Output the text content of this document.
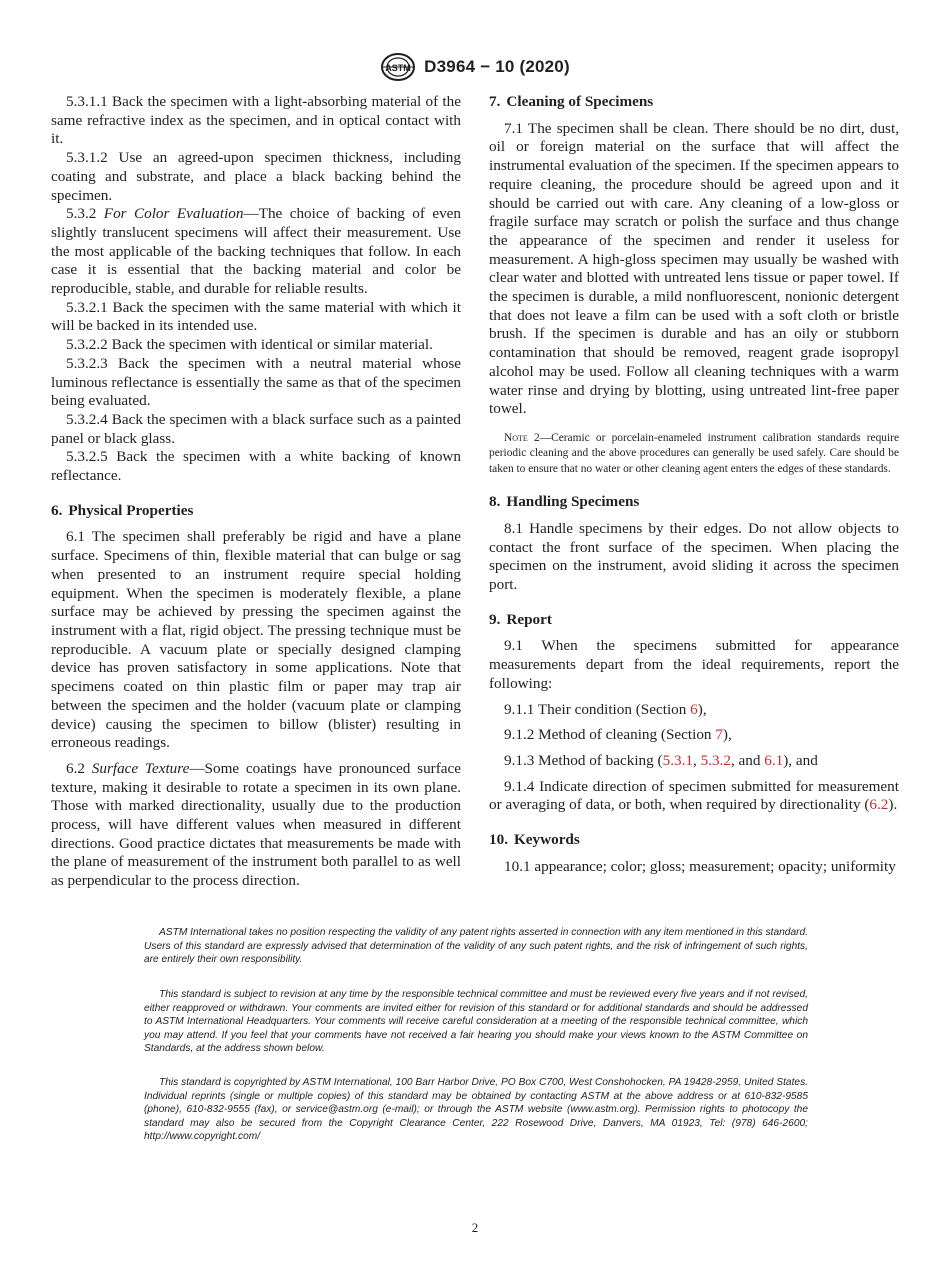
ASTM D3964 − 10 (2020)

5.3.1.1 Back the specimen with a light-absorbing material of the same refractive index as the specimen, and in optical contact with it.

5.3.1.2 Use an agreed-upon specimen thickness, including coating and substrate, and place a black backing behind the specimen.

5.3.2 For Color Evaluation—The choice of backing of even slightly translucent specimens will affect their measurement. Use the most applicable of the backing techniques that follow. In each case it is essential that the backing material and color be reproducible, stable, and durable for reliable results.

5.3.2.1 Back the specimen with the same material with which it will be backed in its intended use.

5.3.2.2 Back the specimen with identical or similar material.

5.3.2.3 Back the specimen with a neutral material whose luminous reflectance is essentially the same as that of the specimen being evaluated.

5.3.2.4 Back the specimen with a black surface such as a painted panel or black glass.

5.3.2.5 Back the specimen with a white backing of known reflectance.

6. Physical Properties

6.1 The specimen shall preferably be rigid and have a plane surface. Specimens of thin, flexible material that can bulge or sag when presented to an instrument require special holding equipment. When the specimen is moderately flexible, a plane surface may be achieved by pressing the specimen against the instrument with a flat, rigid object. The pressing technique must be reproducible. A vacuum plate or specially designed clamping device has proven satisfactory in some applications. Note that specimens coated on thin plastic film or paper may trap air between the specimen and the holder (vacuum plate or clamping device) causing the specimen to billow (blister) resulting in erroneous readings.

6.2 Surface Texture—Some coatings have pronounced surface texture, making it desirable to rotate a specimen in its own plane. Those with marked directionality, usually due to the production process, will have different values when measured in different directions. Good practice dictates that measurements be made with the plane of measurement of the instrument both parallel to as well as perpendicular to the process direction.

7. Cleaning of Specimens

7.1 The specimen shall be clean. There should be no dirt, dust, oil or foreign material on the surface that will affect the instrumental evaluation of the specimen. If the specimen appears to require cleaning, the procedure should be agreed upon and it should be carried out with care. Any cleaning of a low-gloss or fragile surface may scratch or polish the surface and thus change the appearance of the specimen and render it useless for measurement. A high-gloss specimen may usually be washed with clear water and blotted with untreated lens tissue or paper towel. If the specimen is durable, a mild nonfluorescent, nonionic detergent that does not leave a film can be used with a soft cloth or bristle brush. If the specimen is durable and has an oily or stubborn contamination that should be removed, reagent grade isopropyl alcohol may be used. Follow all cleaning techniques with a warm water rinse and drying by blotting, using untreated lint-free paper towel.

Note 2—Ceramic or porcelain-enameled instrument calibration standards require periodic cleaning and the above procedures can generally be used safely. Care should be taken to ensure that no water or other cleaning agent enters the edges of these standards.

8. Handling Specimens

8.1 Handle specimens by their edges. Do not allow objects to contact the front surface of the specimen. When placing the specimen on the instrument, avoid sliding it across the specimen port.

9. Report

9.1 When the specimens submitted for appearance measurements depart from the ideal requirements, report the following:

9.1.1 Their condition (Section 6),

9.1.2 Method of cleaning (Section 7),

9.1.3 Method of backing (5.3.1, 5.3.2, and 6.1), and

9.1.4 Indicate direction of specimen submitted for measurement or averaging of data, or both, when required by directionality (6.2).

10. Keywords

10.1 appearance; color; gloss; measurement; opacity; uniformity

ASTM International takes no position respecting the validity of any patent rights asserted in connection with any item mentioned in this standard. Users of this standard are expressly advised that determination of the validity of any such patent rights, and the risk of infringement of such rights, are entirely their own responsibility.

This standard is subject to revision at any time by the responsible technical committee and must be reviewed every five years and if not revised, either reapproved or withdrawn. Your comments are invited either for revision of this standard or for additional standards and should be addressed to ASTM International Headquarters. Your comments will receive careful consideration at a meeting of the responsible technical committee, which you may attend. If you feel that your comments have not received a fair hearing you should make your views known to the ASTM Committee on Standards, at the address shown below.

This standard is copyrighted by ASTM International, 100 Barr Harbor Drive, PO Box C700, West Conshohocken, PA 19428-2959, United States. Individual reprints (single or multiple copies) of this standard may be obtained by contacting ASTM at the above address or at 610-832-9585 (phone), 610-832-9555 (fax), or service@astm.org (e-mail); or through the ASTM website (www.astm.org). Permission rights to photocopy the standard may also be secured from the Copyright Clearance Center, 222 Rosewood Drive, Danvers, MA 01923, Tel: (978) 646-2600; http://www.copyright.com/

2
